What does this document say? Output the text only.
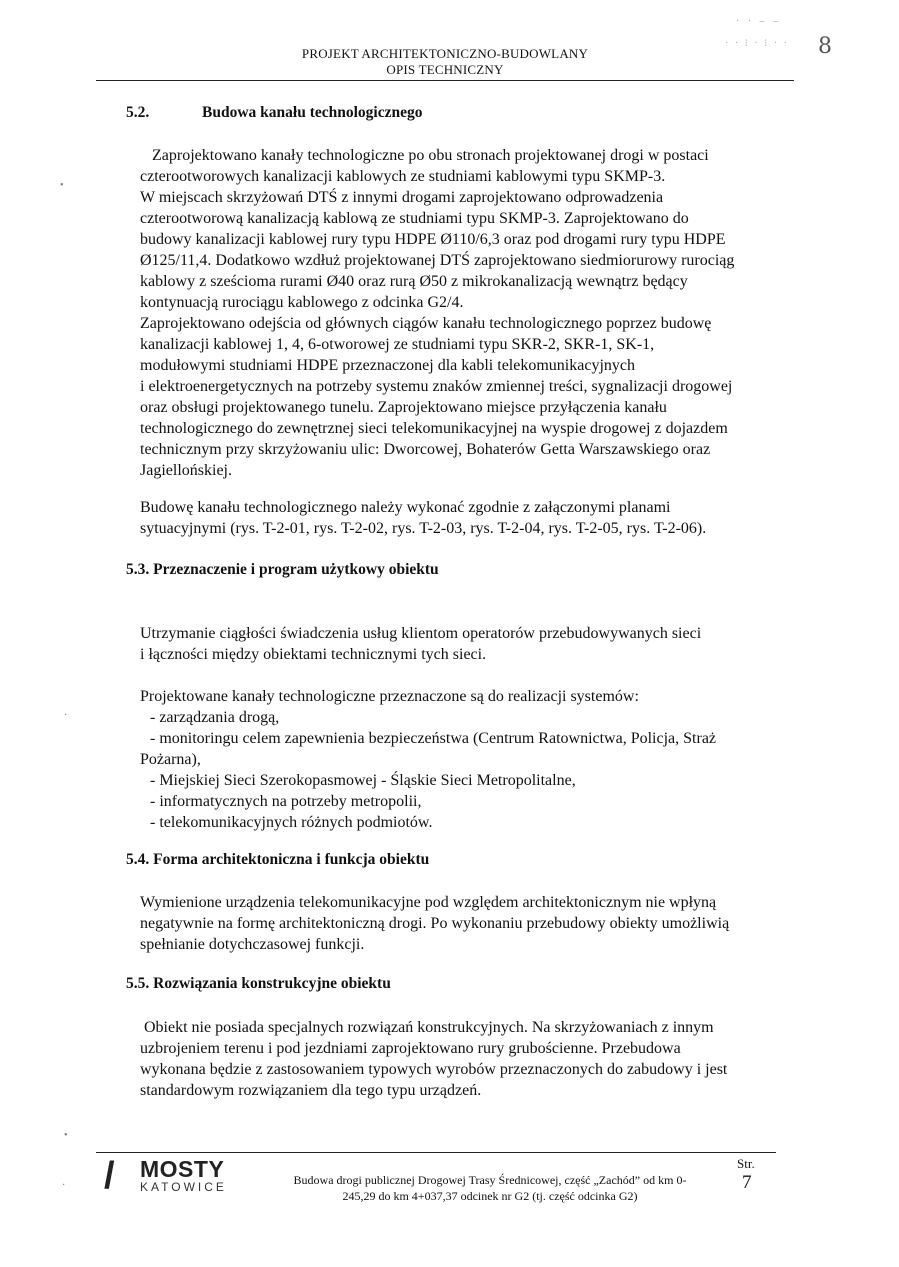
PROJEKT ARCHITEKTONICZNO-BUDOWLANY
OPIS TECHNICZNY
· · – –
· · ⁝ · ⁝ · · 8
5.2.	Budowa kanału technologicznego
Zaprojektowano kanały technologiczne po obu stronach projektowanej drogi w postaci
czterootworowych kanalizacji kablowych ze studniami kablowymi typu SKMP-3.
W miejscach skrzyżowań DTŚ z innymi drogami zaprojektowano odprowadzenia
czterootworową kanalizacją kablową ze studniami typu SKMP-3. Zaprojektowano do
budowy kanalizacji kablowej rury typu HDPE Ø110/6,3 oraz pod drogami rury typu HDPE
Ø125/11,4. Dodatkowo wzdłuż projektowanej DTŚ zaprojektowano siedmiorurowy rurociąg
kablowy z sześcioma rurami Ø40 oraz rurą Ø50 z mikrokanalizacją wewnątrz będący
kontynuacją rurociągu kablowego z odcinka G2/4.
Zaprojektowano odejścia od głównych ciągów kanału technologicznego poprzez budowę
kanalizacji kablowej 1, 4, 6-otworowej ze studniami typu SKR-2, SKR-1, SK-1,
modułowymi studniami HDPE przeznaczonej dla kabli telekomunikacyjnych
i elektroenergetycznych na potrzeby systemu znaków zmiennej treści, sygnalizacji drogowej
oraz obsługi projektowanego tunelu. Zaprojektowano miejsce przyłączenia kanału
technologicznego do zewnętrznej sieci telekomunikacyjnej na wyspie drogowej z dojazdem
technicznym przy skrzyżowaniu ulic: Dworcowej, Bohaterów Getta Warszawskiego oraz
Jagiellońskiej.
Budowę kanału technologicznego należy wykonać zgodnie z załączonymi planami
sytuacyjnymi (rys. T-2-01, rys. T-2-02, rys. T-2-03, rys. T-2-04, rys. T-2-05, rys. T-2-06).
5.3. Przeznaczenie i program użytkowy obiektu
Utrzymanie ciągłości świadczenia usług klientom operatorów przebudowywanych sieci
i łączności między obiektami technicznymi tych sieci.
Projektowane kanały technologiczne przeznaczone są do realizacji systemów:
- zarządzania drogą,
- monitoringu celem zapewnienia bezpieczeństwa (Centrum Ratownictwa, Policja, Straż
Pożarna),
- Miejskiej Sieci Szerokopasmowej - Śląskie Sieci Metropolitalne,
- informatycznych na potrzeby metropolii,
- telekomunikacyjnych różnych podmiotów.
5.4. Forma architektoniczna i funkcja obiektu
Wymienione urządzenia telekomunikacyjne pod względem architektonicznym nie wpłyną
negatywnie na formę architektoniczną drogi. Po wykonaniu przebudowy obiekty umożliwią
spełnianie dotychczasowej funkcji.
5.5. Rozwiązania konstrukcyjne obiektu
Obiekt nie posiada specjalnych rozwiązań konstrukcyjnych. Na skrzyżowaniach z innym
uzbrojeniem terenu i pod jezdniami zaprojektowano rury grubościenne. Przebudowa
wykonana będzie z zastosowaniem typowych wyrobów przeznaczonych do zabudowy i jest
standardowym rozwiązaniem dla tego typu urządzeń.
•
·
•
· / MOSTY
KATOWICE	Budowa drogi publicznej Drogowej Trasy Średnicowej, część „Zachód” od km 0-
245,29 do km 4+037,37 odcinek nr G2 (tj. część odcinka G2)
Str.
7
